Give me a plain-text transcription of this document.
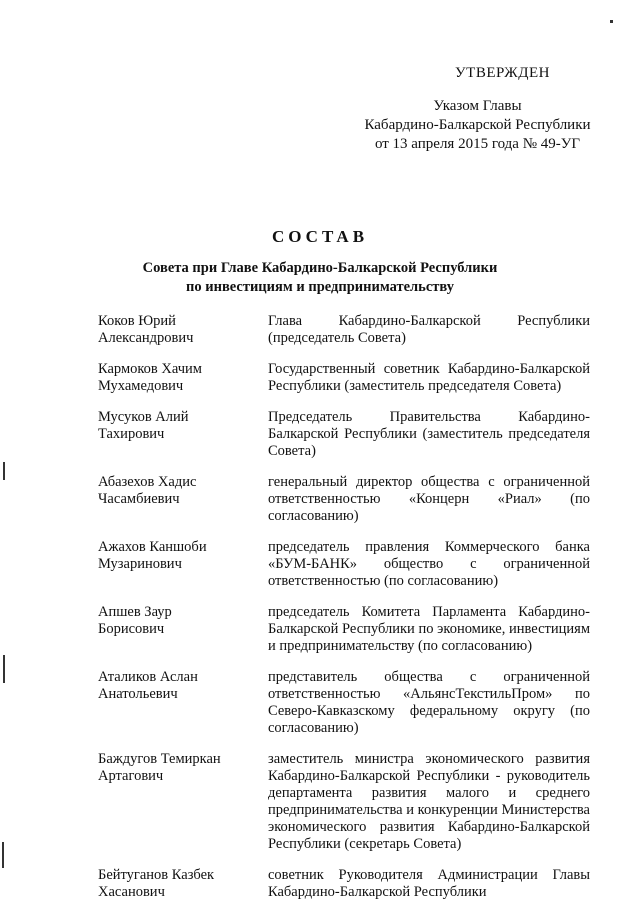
УТВЕРЖДЕН
Указом Главы
Кабардино-Балкарской Республики
от 13 апреля 2015 года № 49-УГ
СОСТАВ
Совета при Главе Кабардино-Балкарской Республики
по инвестициям и предпринимательству
Коков Юрий
Александрович	Глава Кабардино-Балкарской Республики (председатель Совета)

Кармоков Хачим
Мухамедович	Государственный советник Кабардино-Балкарской Республики (заместитель председателя Совета)

Мусуков Алий
Тахирович	Председатель Правительства Кабардино-Балкарской Республики (заместитель председателя Совета)

Абазехов Хадис
Часамбиевич	генеральный директор общества с ограниченной ответственностью «Концерн «Риал» (по согласованию)

Ажахов Каншоби
Музаринович	председатель правления Коммерческого банка «БУМ-БАНК» общество с ограниченной ответственностью (по согласованию)

Апшев Заур
Борисович	председатель Комитета Парламента Кабардино-Балкарской Республики по экономике, инвестициям и предпринимательству (по согласованию)

Аталиков Аслан
Анатольевич	представитель общества с ограниченной ответственностью «АльянсТекстильПром» по Северо-Кавказскому федеральному округу (по согласованию)

Баждугов Темиркан
Артагович	заместитель министра экономического развития Кабардино-Балкарской Республики - руководитель департамента развития малого и среднего предпринимательства и конкуренции Министерства экономического развития Кабардино-Балкарской Республики (секретарь Совета)

Бейтуганов Казбек
Хасанович	советник Руководителя Администрации Главы Кабардино-Балкарской Республики
